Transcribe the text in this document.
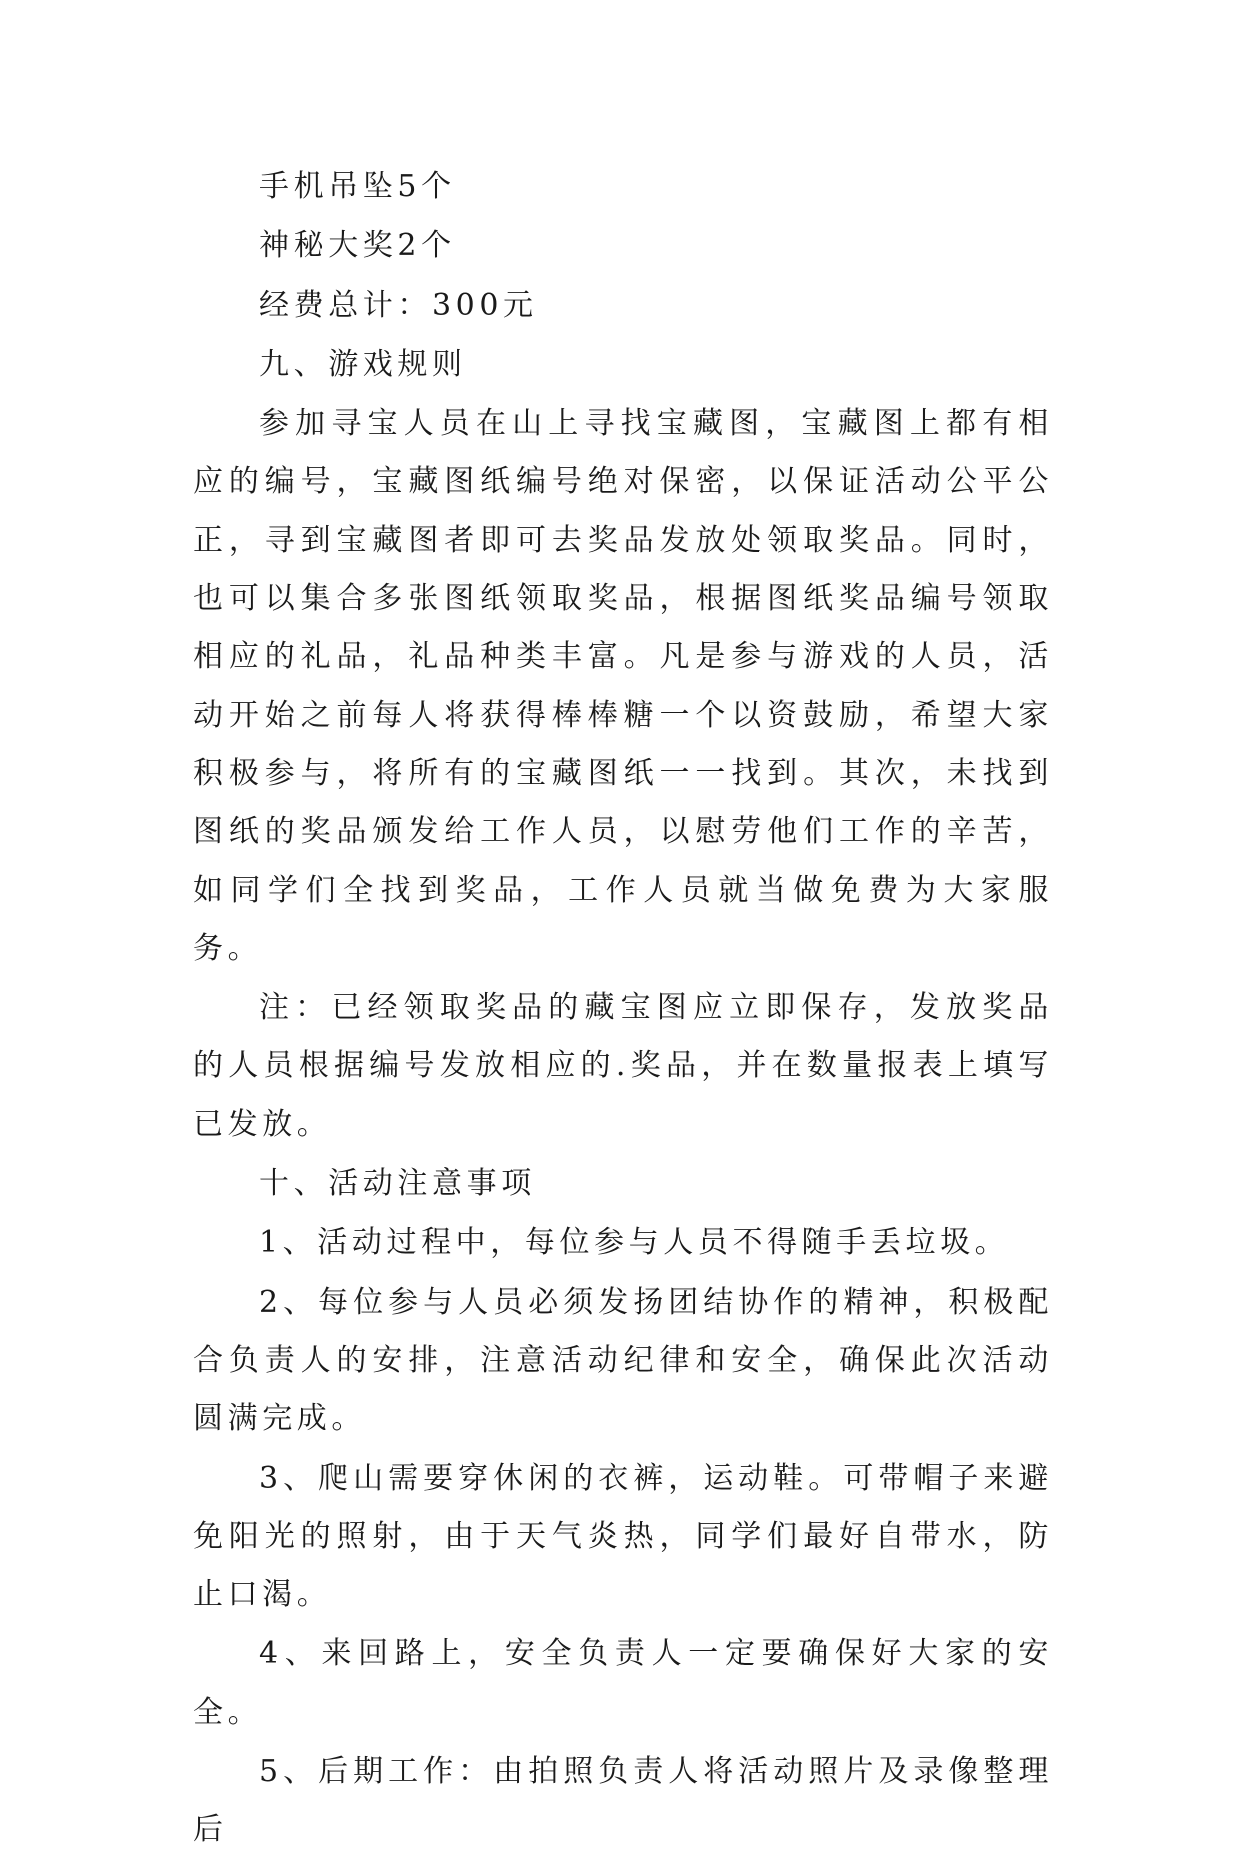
手机吊坠5个

神秘大奖2个

经费总计：300元

九、游戏规则

参加寻宝人员在山上寻找宝藏图，宝藏图上都有相应的编号，宝藏图纸编号绝对保密，以保证活动公平公正，寻到宝藏图者即可去奖品发放处领取奖品。同时，也可以集合多张图纸领取奖品，根据图纸奖品编号领取相应的礼品，礼品种类丰富。凡是参与游戏的人员，活动开始之前每人将获得棒棒糖一个以资鼓励，希望大家积极参与，将所有的宝藏图纸一一找到。其次，未找到图纸的奖品颁发给工作人员，以慰劳他们工作的辛苦，如同学们全找到奖品，工作人员就当做免费为大家服务。

注：已经领取奖品的藏宝图应立即保存，发放奖品的人员根据编号发放相应的.奖品，并在数量报表上填写已发放。

十、活动注意事项

1、活动过程中，每位参与人员不得随手丢垃圾。

2、每位参与人员必须发扬团结协作的精神，积极配合负责人的安排，注意活动纪律和安全，确保此次活动圆满完成。

3、爬山需要穿休闲的衣裤，运动鞋。可带帽子来避免阳光的照射，由于天气炎热，同学们最好自带水，防止口渴。

4、来回路上，安全负责人一定要确保好大家的安全。

5、后期工作：由拍照负责人将活动照片及录像整理后
